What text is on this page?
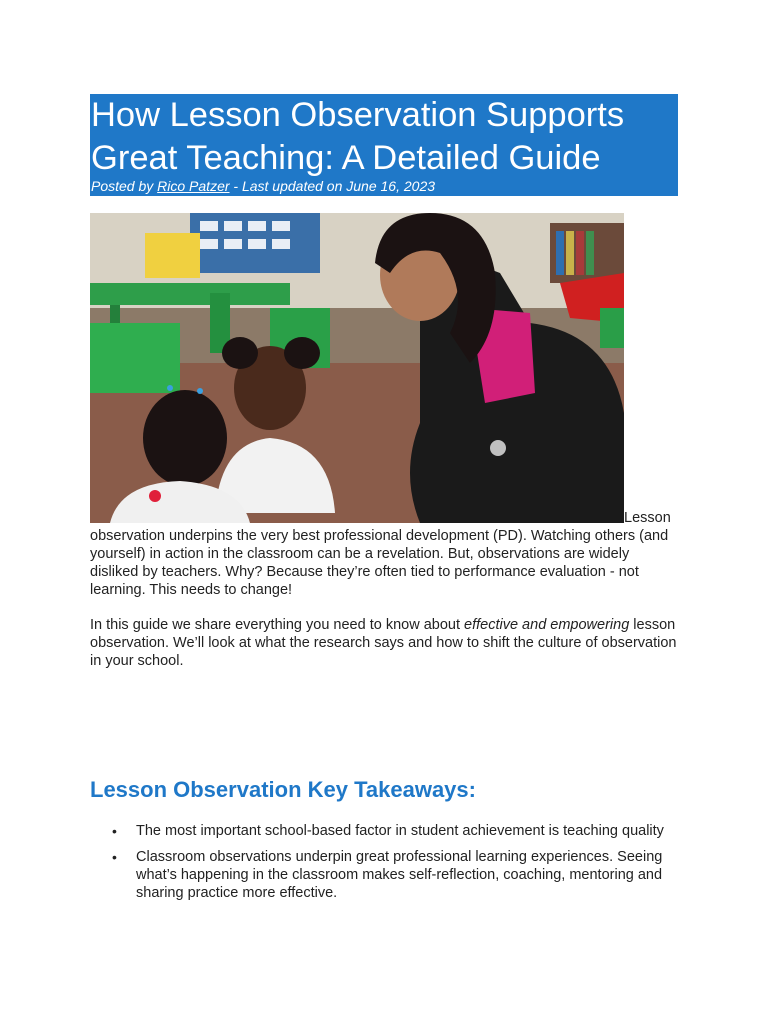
How Lesson Observation Supports Great Teaching: A Detailed Guide
Posted by Rico Patzer - Last updated on June 16, 2023
Lesson

observation underpins the very best professional development (PD). Watching others (and yourself) in action in the classroom can be a revelation. But, observations are widely disliked by teachers. Why? Because they’re often tied to performance evaluation - not learning. This needs to change!

In this guide we share everything you need to know about effective and empowering lesson observation. We’ll look at what the research says and how to shift the culture of observation in your school.

Lesson Observation Key Takeaways:
• The most important school-based factor in student achievement is teaching quality
• Classroom observations underpin great professional learning experiences. Seeing what’s happening in the classroom makes self-reflection, coaching, mentoring and sharing practice more effective.
